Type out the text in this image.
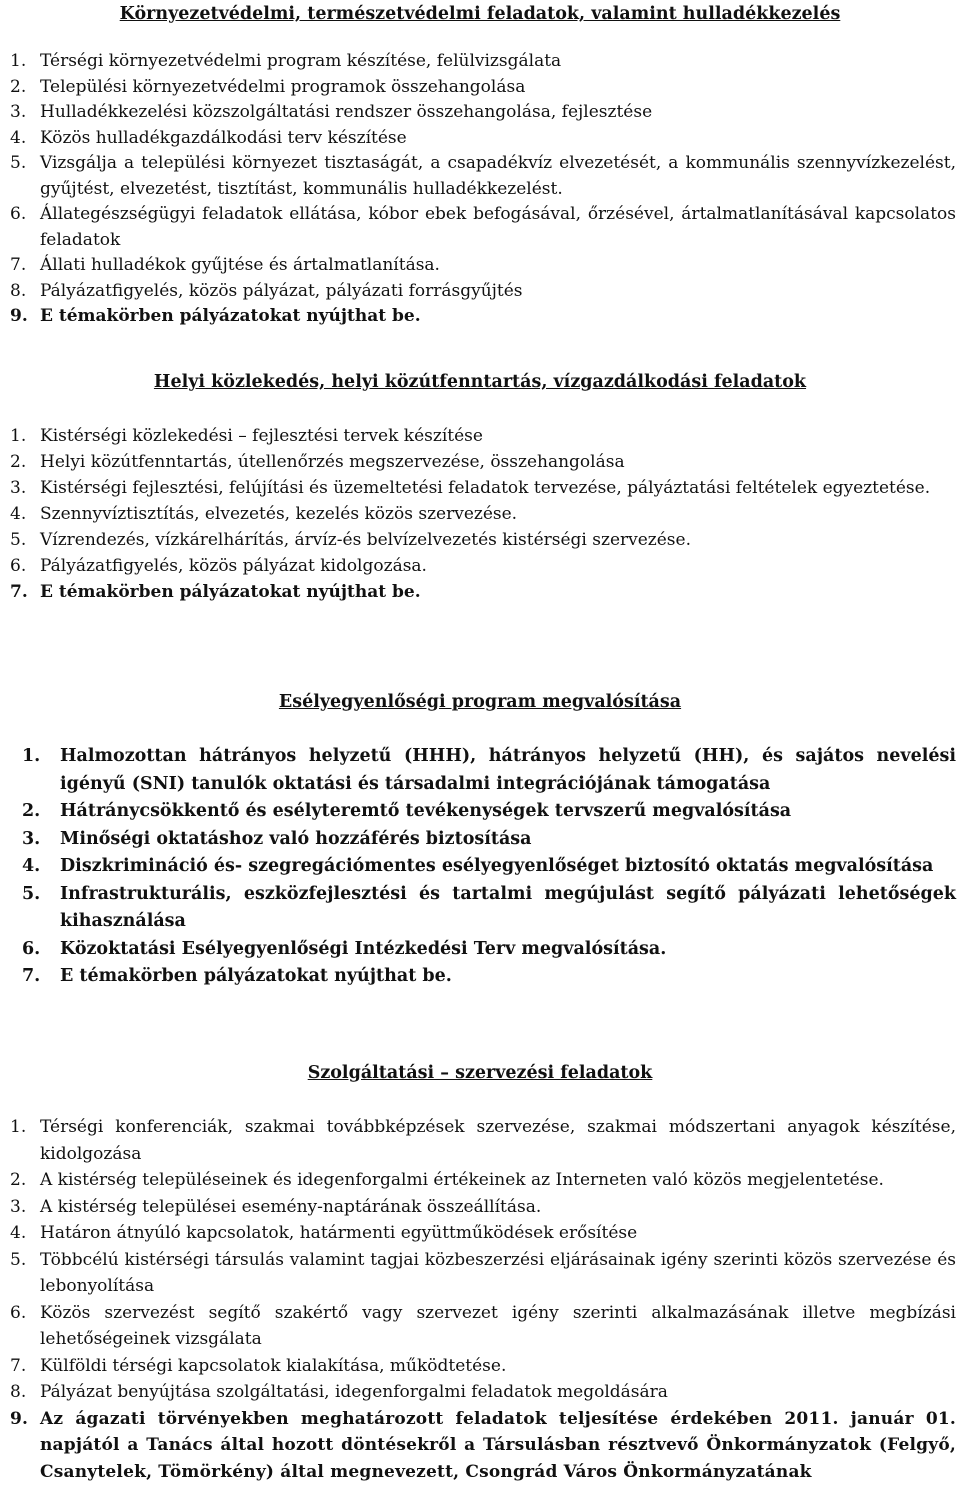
Környezetvédelmi, természetvédelmi feladatok, valamint hulladékkezelés
1. Térségi környezetvédelmi program készítése, felülvizsgálata
2. Települési környezetvédelmi programok összehangolása
3. Hulladékkezelési közszolgáltatási rendszer összehangolása, fejlesztése
4. Közös hulladékgazdálkodási terv készítése
5. Vizsgálja a települési környezet tisztaságát, a csapadékvíz elvezetését, a kommunális szennyvízkezelést, gyűjtést, elvezetést, tisztítást, kommunális hulladékkezelést.
6. Állategészségügyi feladatok ellátása, kóbor ebek befogásával, őrzésével, ártalmatlanításával kapcsolatos feladatok
7. Állati hulladékok gyűjtése és ártalmatlanítása.
8. Pályázatfigyelés, közös pályázat, pályázati forrásgyűjtés
9. E témakörben pályázatokat nyújthat be.
Helyi közlekedés, helyi közútfenntartás, vízgazdálkodási feladatok
1. Kistérségi közlekedési – fejlesztési tervek készítése
2. Helyi közútfenntartás, útellenőrzés megszervezése, összehangolása
3. Kistérségi fejlesztési, felújítási és üzemeltetési feladatok tervezése, pályáztatási feltételek egyeztetése.
4. Szennyvíztisztítás, elvezetés, kezelés közös szervezése.
5. Vízrendezés, vízkárelhárítás, árvíz-és belvízelvezetés kistérségi szervezése.
6. Pályázatfigyelés, közös pályázat kidolgozása.
7. E témakörben pályázatokat nyújthat be.
Esélyegyenlőségi program megvalósítása
1. Halmozottan hátrányos helyzetű (HHH), hátrányos helyzetű (HH), és sajátos nevelési igényű (SNI) tanulók oktatási és társadalmi integrációjának támogatása
2. Hátránycsökkentő és esélyteremtő tevékenységek tervszerű megvalósítása
3. Minőségi oktatáshoz való hozzáférés biztosítása
4. Diszkrimináció és- szegregációmentes esélyegyenlőséget biztosító oktatás megvalósítása
5. Infrastrukturális, eszközfejlesztési és tartalmi megújulást segítő pályázati lehetőségek kihasználása
6. Közoktatási Esélyegyenlőségi Intézkedési Terv megvalósítása.
7. E témakörben pályázatokat nyújthat be.
Szolgáltatási – szervezési feladatok
1. Térségi konferenciák, szakmai továbbképzések szervezése, szakmai módszertani anyagok készítése, kidolgozása
2. A kistérség településeinek és idegenforgalmi értékeinek az Interneten való közös megjelentetése.
3. A kistérség települései esemény-naptárának összeállítása.
4. Határon átnyúló kapcsolatok, határmenti együttműködések erősítése
5. Többcélú kistérségi társulás valamint tagjai közbeszerzési eljárásainak igény szerinti közös szervezése és lebonyolítása
6. Közös szervezést segítő szakértő vagy szervezet igény szerinti alkalmazásának illetve megbízási lehetőségeinek vizsgálata
7. Külföldi térségi kapcsolatok kialakítása, működtetése.
8. Pályázat benyújtása szolgáltatási, idegenforgalmi feladatok megoldására
9. Az ágazati törvényekben meghatározott feladatok teljesítése érdekében 2011. január 01. napjától a Tanács által hozott döntésekről a Társulásban résztvevő Önkormányzatok (Felgyő, Csanytelek, Tömörkény) által megnevezett, Csongrád Város Önkormányzatának
